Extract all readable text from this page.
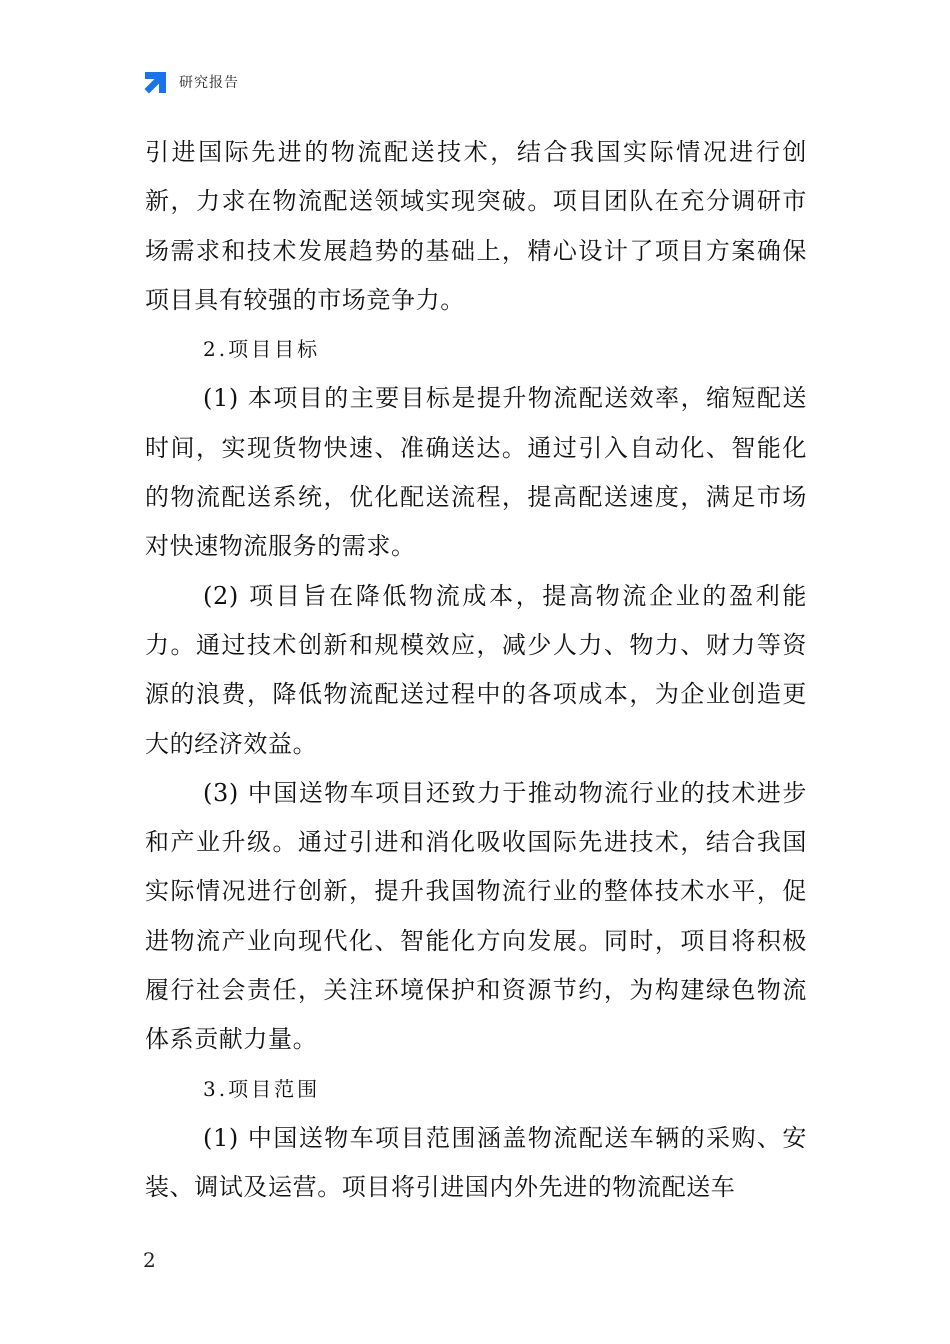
研究报告

引进国际先进的物流配送技术，结合我国实际情况进行创新，力求在物流配送领域实现突破。项目团队在充分调研市场需求和技术发展趋势的基础上，精心设计了项目方案确保项目具有较强的市场竞争力。

2.项目目标

(1) 本项目的主要目标是提升物流配送效率，缩短配送时间，实现货物快速、准确送达。通过引入自动化、智能化的物流配送系统，优化配送流程，提高配送速度，满足市场对快速物流服务的需求。

(2) 项目旨在降低物流成本，提高物流企业的盈利能力。通过技术创新和规模效应，减少人力、物力、财力等资源的浪费，降低物流配送过程中的各项成本，为企业创造更大的经济效益。

(3) 中国送物车项目还致力于推动物流行业的技术进步和产业升级。通过引进和消化吸收国际先进技术，结合我国实际情况进行创新，提升我国物流行业的整体技术水平，促进物流产业向现代化、智能化方向发展。同时，项目将积极履行社会责任，关注环境保护和资源节约，为构建绿色物流体系贡献力量。

3.项目范围

(1) 中国送物车项目范围涵盖物流配送车辆的采购、安装、调试及运营。项目将引进国内外先进的物流配送车

2
